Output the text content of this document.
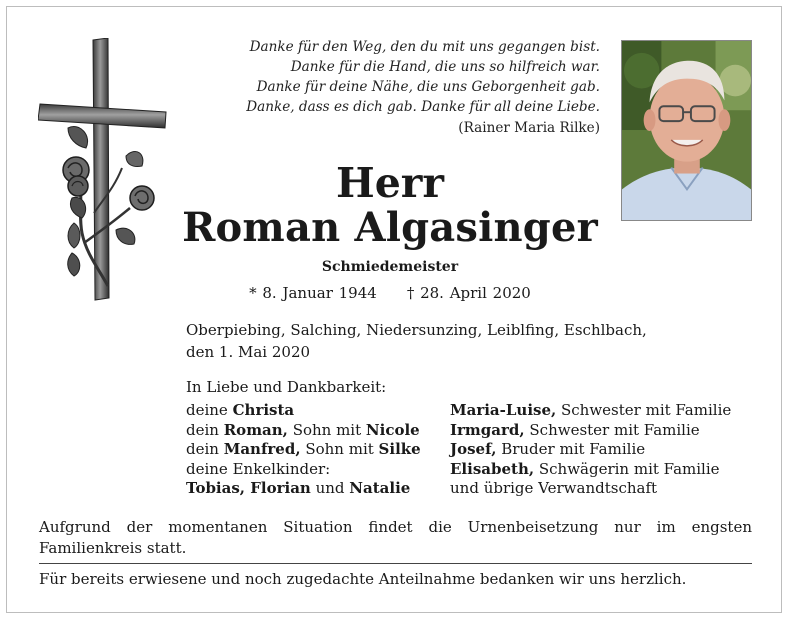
Danke für den Weg, den du mit uns gegangen bist.
Danke für die Hand, die uns so hilfreich war.
Danke für deine Nähe, die uns Geborgenheit gab.
Danke, dass es dich gab. Danke für all deine Liebe.
(Rainer Maria Rilke)
Herr
Roman Algasinger
Schmiedemeister
* 8. Januar 1944 † 28. April 2020
Oberpiebing, Salching, Niedersunzing, Leiblfing, Eschlbach,
den 1. Mai 2020
In Liebe und Dankbarkeit:
deine Christa
dein Roman, Sohn mit Nicole
dein Manfred, Sohn mit Silke
deine Enkelkinder:
Tobias, Florian und Natalie
Maria-Luise, Schwester mit Familie
Irmgard, Schwester mit Familie
Josef, Bruder mit Familie
Elisabeth, Schwägerin mit Familie
und übrige Verwandtschaft
Aufgrund der momentanen Situation findet die Urnenbeisetzung nur im engsten Familienkreis statt.
Für bereits erwiesene und noch zugedachte Anteilnahme bedanken wir uns herzlich.
